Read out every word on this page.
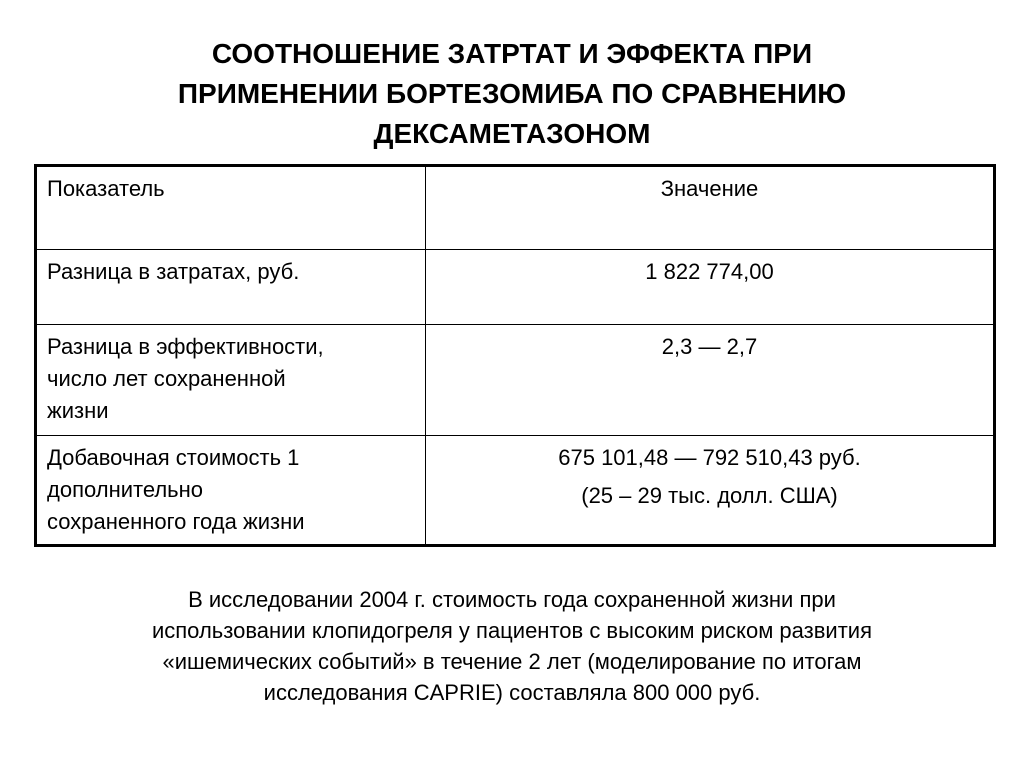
СООТНОШЕНИЕ ЗАТРТАТ И ЭФФЕКТА ПРИ
ПРИМЕНЕНИИ БОРТЕЗОМИБА ПО СРАВНЕНИЮ
ДЕКСАМЕТАЗОНОМ
Показатель	Значение
Разница в затратах, руб.	1 822 774,00

Разница в эффективности,
число лет сохраненной
жизни	2,3 — 2,7

Добавочная стоимость 1
дополнительно
сохраненного года жизни	675 101,48 — 792 510,43 руб.
(25 – 29 тыс. долл. США)
В исследовании 2004 г. стоимость года сохраненной жизни при
использовании клопидогреля у пациентов с высоким риском развития
«ишемических событий» в течение 2 лет (моделирование по итогам
исследования CAPRIE) составляла 800 000 руб.
